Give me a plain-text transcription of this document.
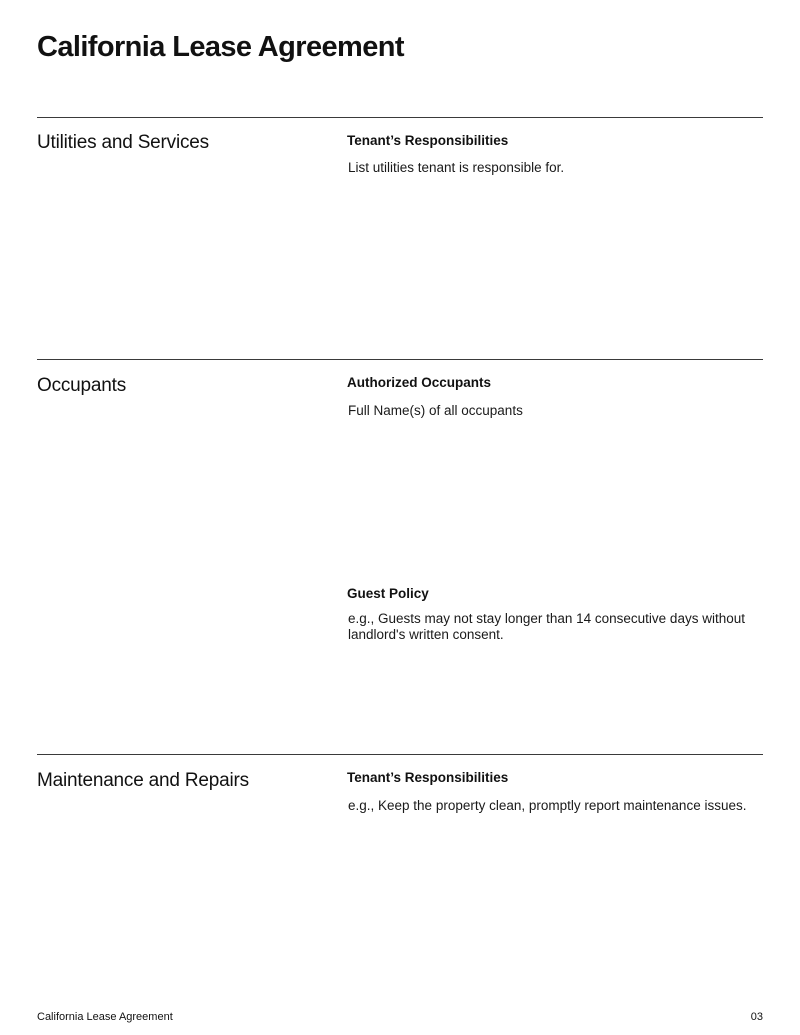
California Lease Agreement
Utilities and Services	Tenant’s Responsibilities
List utilities tenant is responsible for.
Occupants	Authorized Occupants
Full Name(s) of all occupants
Guest Policy
e.g., Guests may not stay longer than 14 consecutive days without landlord's written consent.
Maintenance and Repairs	Tenant’s Responsibilities
e.g., Keep the property clean, promptly report maintenance issues.
California Lease Agreement	03
